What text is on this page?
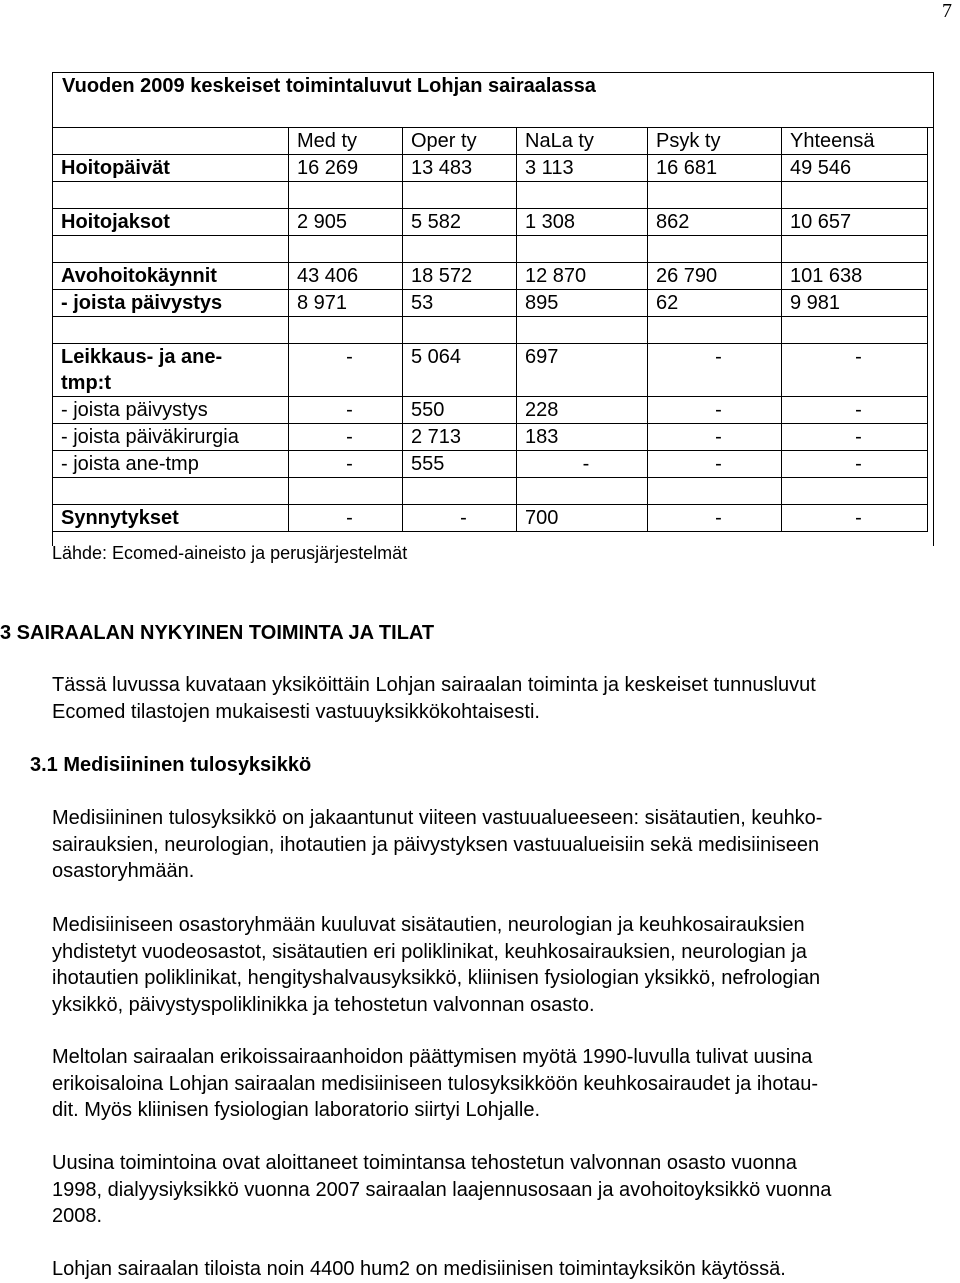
7
Vuoden 2009 keskeiset toimintaluvut Lohjan sairaalassa
	Med ty	Oper ty	NaLa ty	Psyk ty	Yhteensä
Hoitopäivät	16 269	13 483	3 113	16 681	49 546

Hoitojaksot	2 905	5 582	1 308	862	10 657

Avohoitokäynnit	43 406	18 572	12 870	26 790	101 638
- joista päivystys	8 971	53	895	62	9 981

Leikkaus- ja ane-
tmp:t	-	5 064	697	-	-
- joista päivystys	-	550	228	-	-
- joista päiväkirurgia	-	2 713	183	-	-
- joista ane-tmp	-	555	-	-	-

Synnytykset	-	-	700	-	-
Lähde: Ecomed-aineisto ja perusjärjestelmät
3 SAIRAALAN NYKYINEN TOIMINTA JA TILAT
Tässä luvussa kuvataan yksiköittäin Lohjan sairaalan toiminta ja keskeiset tunnusluvut
Ecomed tilastojen mukaisesti vastuuyksikkökohtaisesti.
3.1 Medisiininen tulosyksikkö
Medisiininen tulosyksikkö on jakaantunut viiteen vastuualueeseen: sisätautien, keuhko-
sairauksien, neurologian, ihotautien ja päivystyksen vastuualueisiin sekä medisiiniseen
osastoryhmään.
Medisiiniseen osastoryhmään kuuluvat sisätautien, neurologian ja keuhkosairauksien
yhdistetyt vuodeosastot, sisätautien eri poliklinikat, keuhkosairauksien, neurologian ja
ihotautien poliklinikat, hengityshalvausyksikkö, kliinisen fysiologian yksikkö, nefrologian
yksikkö, päivystyspoliklinikka ja tehostetun valvonnan osasto.
Meltolan sairaalan erikoissairaanhoidon päättymisen myötä 1990-luvulla tulivat uusina
erikoisaloina Lohjan sairaalan medisiiniseen tulosyksikköön keuhkosairaudet ja ihotau-
dit. Myös kliinisen fysiologian laboratorio siirtyi Lohjalle.
Uusina toimintoina ovat aloittaneet toimintansa tehostetun valvonnan osasto vuonna
1998, dialyysiyksikkö vuonna 2007 sairaalan laajennusosaan ja avohoitoyksikkö vuonna
2008.
Lohjan sairaalan tiloista noin 4400 hum2 on medisiinisen toimintayksikön käytössä.
